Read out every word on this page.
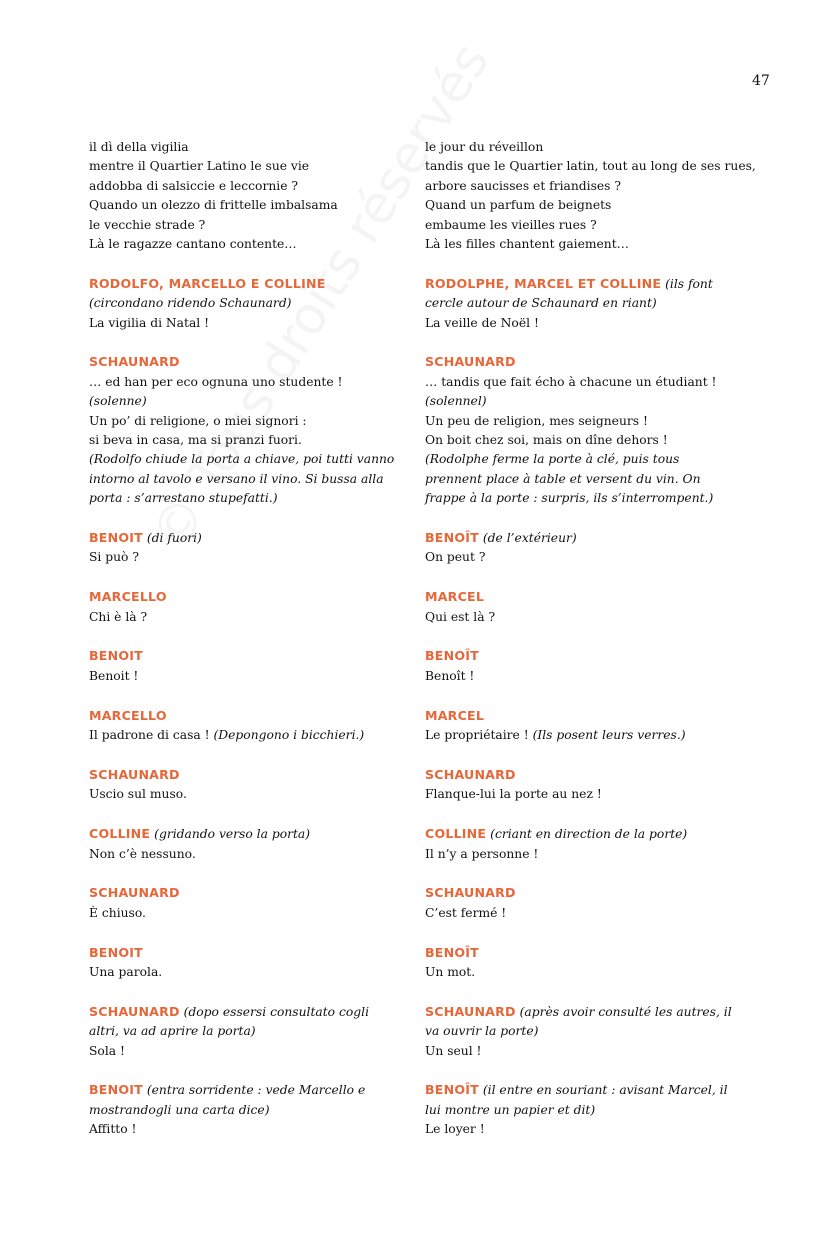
47
il dì della vigilia
mentre il Quartier Latino le sue vie
addobba di salsiccie e leccornie ?
Quando un olezzo di frittelle imbalsama
le vecchie strade ?
Là le ragazze cantano contente…
RODOLFO, MARCELLO E COLLINE
(circondano ridendo Schaunard)
La vigilia di Natal !
SCHAUNARD
… ed han per eco ognuna uno studente !
(solenne)
Un po’ di religione, o miei signori :
si beva in casa, ma si pranzi fuori.
(Rodolfo chiude la porta a chiave, poi tutti vanno
intorno al tavolo e versano il vino. Si bussa alla
porta : s’arrestano stupefatti.)
BENOIT (di fuori)
Si può ?
MARCELLO
Chi è là ?
BENOIT
Benoit !
MARCELLO
Il padrone di casa ! (Depongono i bicchieri.)
SCHAUNARD
Uscio sul muso.
COLLINE (gridando verso la porta)
Non c’è nessuno.
SCHAUNARD
È chiuso.
BENOIT
Una parola.
SCHAUNARD (dopo essersi consultato cogli
altri, va ad aprire la porta)
Sola !
BENOIT (entra sorridente : vede Marcello e
mostrandogli una carta dice)
Affitto !
le jour du réveillon
tandis que le Quartier latin, tout au long de ses rues,
arbore saucisses et friandises ?
Quand un parfum de beignets
embaume les vieilles rues ?
Là les filles chantent gaiement…
RODOLPHE, MARCEL ET COLLINE (ils font
cercle autour de Schaunard en riant)
La veille de Noël !
SCHAUNARD
… tandis que fait écho à chacune un étudiant !
(solennel)
Un peu de religion, mes seigneurs !
On boit chez soi, mais on dîne dehors !
(Rodolphe ferme la porte à clé, puis tous
prennent place à table et versent du vin. On
frappe à la porte : surpris, ils s’interrompent.)
BENOÎT (de l’extérieur)
On peut ?
MARCEL
Qui est là ?
BENOÎT
Benoît !
MARCEL
Le propriétaire ! (Ils posent leurs verres.)
SCHAUNARD
Flanque-lui la porte au nez !
COLLINE (criant en direction de la porte)
Il n’y a personne !
SCHAUNARD
C’est fermé !
BENOÎT
Un mot.
SCHAUNARD (après avoir consulté les autres, il
va ouvrir la porte)
Un seul !
BENOÎT (il entre en souriant : avisant Marcel, il
lui montre un papier et dit)
Le loyer !
